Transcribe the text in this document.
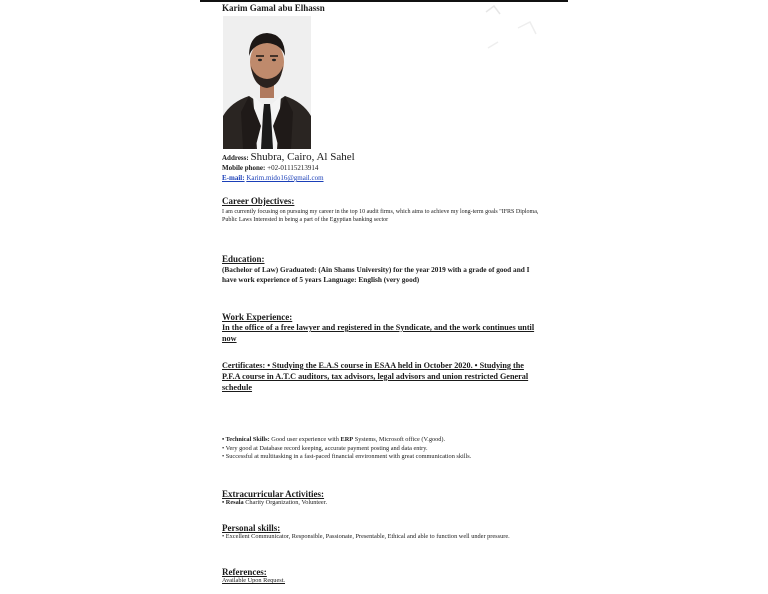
Karim Gamal abu Elhassn
Address: Shubra, Cairo, Al Sahel
Mobile phone: +02-01115213914
E-mail: Karim.mido16@gmail.com

Career Objectives:

I am currently focusing on pursuing my career in the top 10 audit firms, which aims to achieve my long-term goals "IFRS Diploma, Public Laws Interested in being a part of the Egyptian banking sector

Education:

(Bachelor of Law) Graduated: (Ain Shams University) for the year 2019 with a grade of good and I have work experience of 5 years Language: English (very good)

Work Experience:

In the office of a free lawyer and registered in the Syndicate, and the work continues until now

Certificates: • Studying the E.A.S course in ESAA held in October 2020. • Studying the P.F.A course in A.T.C auditors, tax advisors, legal advisors and union restricted General schedule

• Technical Skills: Good user experience with ERP Systems, Microsoft office (V.good).

• Very good at Database record keeping, accurate payment posting and data entry.

• Successful at multitasking in a fast-paced financial environment with great communication skills.

Extracurricular Activities:

• Resala Charity Organization, Volunteer.

Personal skills:

• Excellent Communicator, Responsible, Passionate, Presentable, Ethical and able to function well under pressure.

References:

Available Upon Request.
